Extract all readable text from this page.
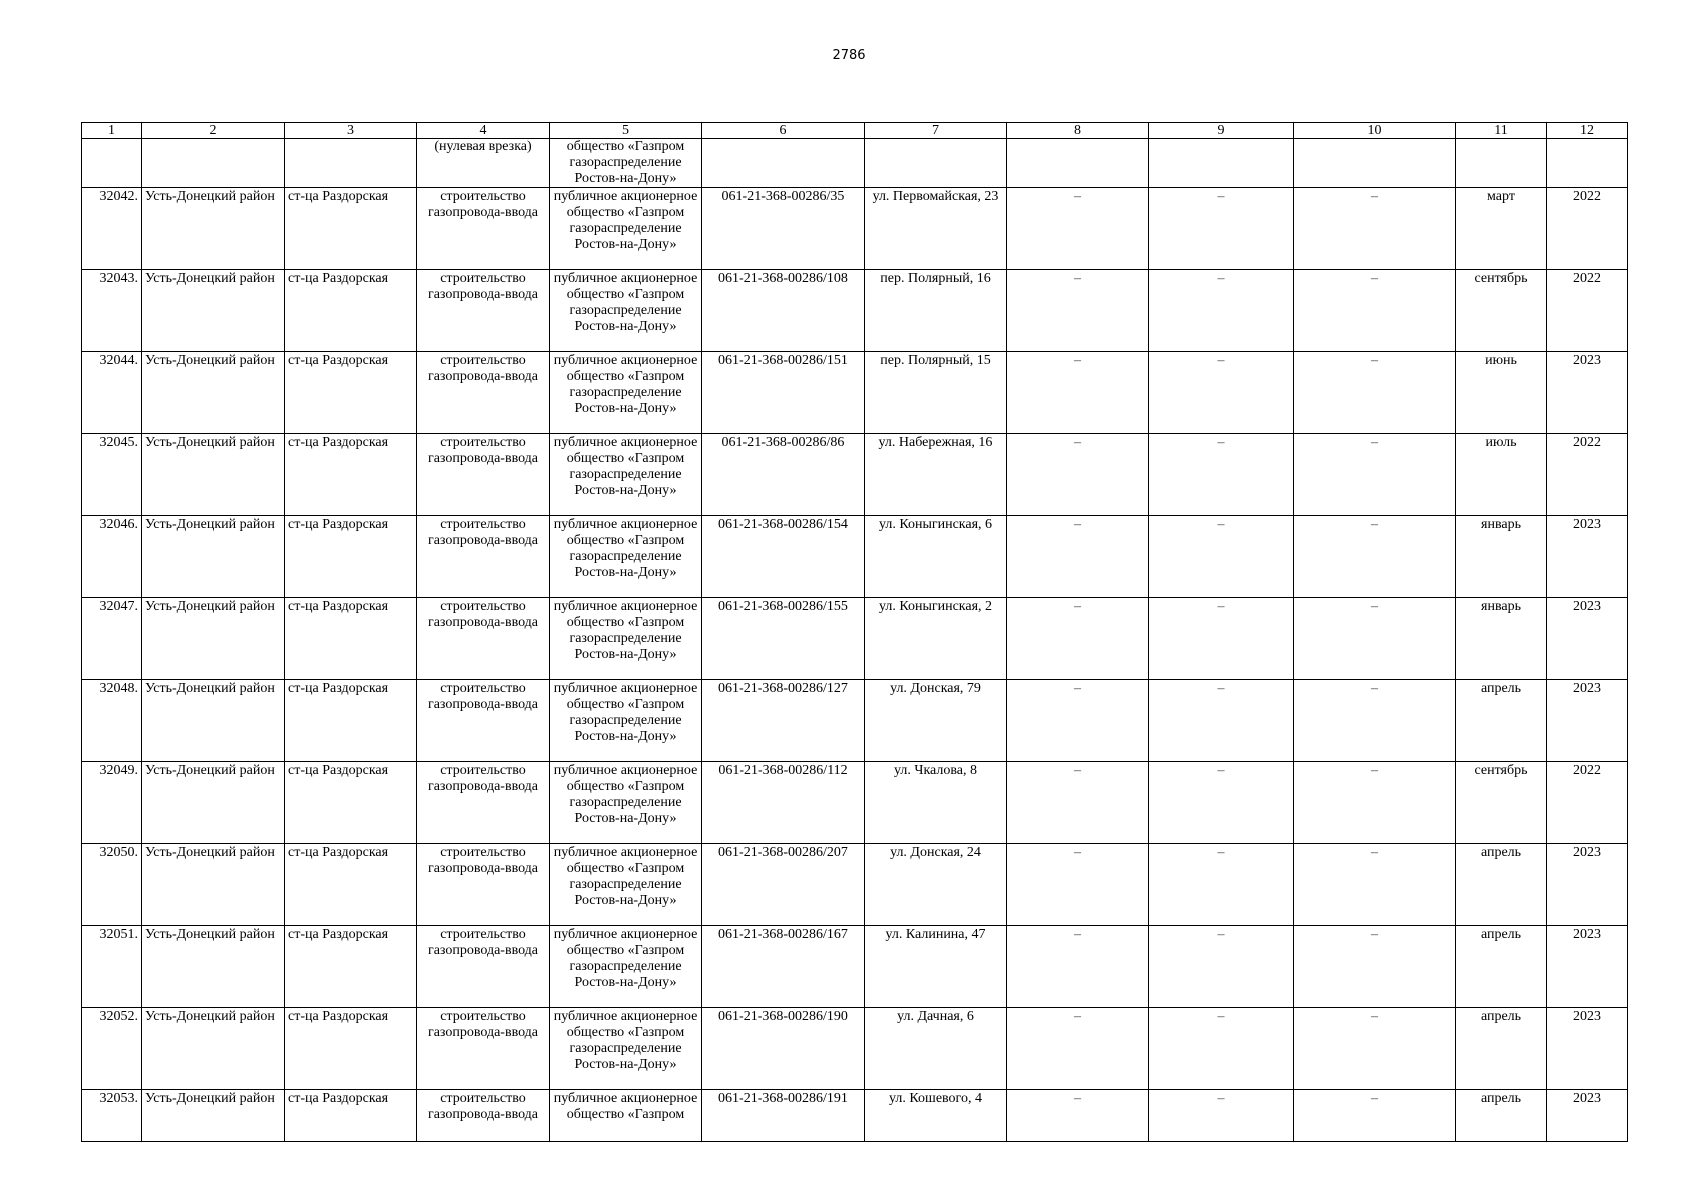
2786
1	2	3	4	5	6	7	8	9	10	11	12
			(нулевая врезка)	общество «Газпром газораспределение Ростов-на-Дону»							
32042.	Усть-Донецкий район	ст-ца Раздорская	строительство газопровода-ввода	публичное акционерное общество «Газпром газораспределение Ростов-на-Дону»	061-21-368-00286/35	ул. Первомайская, 23	–	–	–	март	2022
32043.	Усть-Донецкий район	ст-ца Раздорская	строительство газопровода-ввода	публичное акционерное общество «Газпром газораспределение Ростов-на-Дону»	061-21-368-00286/108	пер. Полярный, 16	–	–	–	сентябрь	2022
32044.	Усть-Донецкий район	ст-ца Раздорская	строительство газопровода-ввода	публичное акционерное общество «Газпром газораспределение Ростов-на-Дону»	061-21-368-00286/151	пер. Полярный, 15	–	–	–	июнь	2023
32045.	Усть-Донецкий район	ст-ца Раздорская	строительство газопровода-ввода	публичное акционерное общество «Газпром газораспределение Ростов-на-Дону»	061-21-368-00286/86	ул. Набережная, 16	–	–	–	июль	2022
32046.	Усть-Донецкий район	ст-ца Раздорская	строительство газопровода-ввода	публичное акционерное общество «Газпром газораспределение Ростов-на-Дону»	061-21-368-00286/154	ул. Коныгинская, 6	–	–	–	январь	2023
32047.	Усть-Донецкий район	ст-ца Раздорская	строительство газопровода-ввода	публичное акционерное общество «Газпром газораспределение Ростов-на-Дону»	061-21-368-00286/155	ул. Коныгинская, 2	–	–	–	январь	2023
32048.	Усть-Донецкий район	ст-ца Раздорская	строительство газопровода-ввода	публичное акционерное общество «Газпром газораспределение Ростов-на-Дону»	061-21-368-00286/127	ул. Донская, 79	–	–	–	апрель	2023
32049.	Усть-Донецкий район	ст-ца Раздорская	строительство газопровода-ввода	публичное акционерное общество «Газпром газораспределение Ростов-на-Дону»	061-21-368-00286/112	ул. Чкалова, 8	–	–	–	сентябрь	2022
32050.	Усть-Донецкий район	ст-ца Раздорская	строительство газопровода-ввода	публичное акционерное общество «Газпром газораспределение Ростов-на-Дону»	061-21-368-00286/207	ул. Донская, 24	–	–	–	апрель	2023
32051.	Усть-Донецкий район	ст-ца Раздорская	строительство газопровода-ввода	публичное акционерное общество «Газпром газораспределение Ростов-на-Дону»	061-21-368-00286/167	ул. Калинина, 47	–	–	–	апрель	2023
32052.	Усть-Донецкий район	ст-ца Раздорская	строительство газопровода-ввода	публичное акционерное общество «Газпром газораспределение Ростов-на-Дону»	061-21-368-00286/190	ул. Дачная, 6	–	–	–	апрель	2023
32053.	Усть-Донецкий район	ст-ца Раздорская	строительство газопровода-ввода	публичное акционерное общество «Газпром	061-21-368-00286/191	ул. Кошевого, 4	–	–	–	апрель	2023
